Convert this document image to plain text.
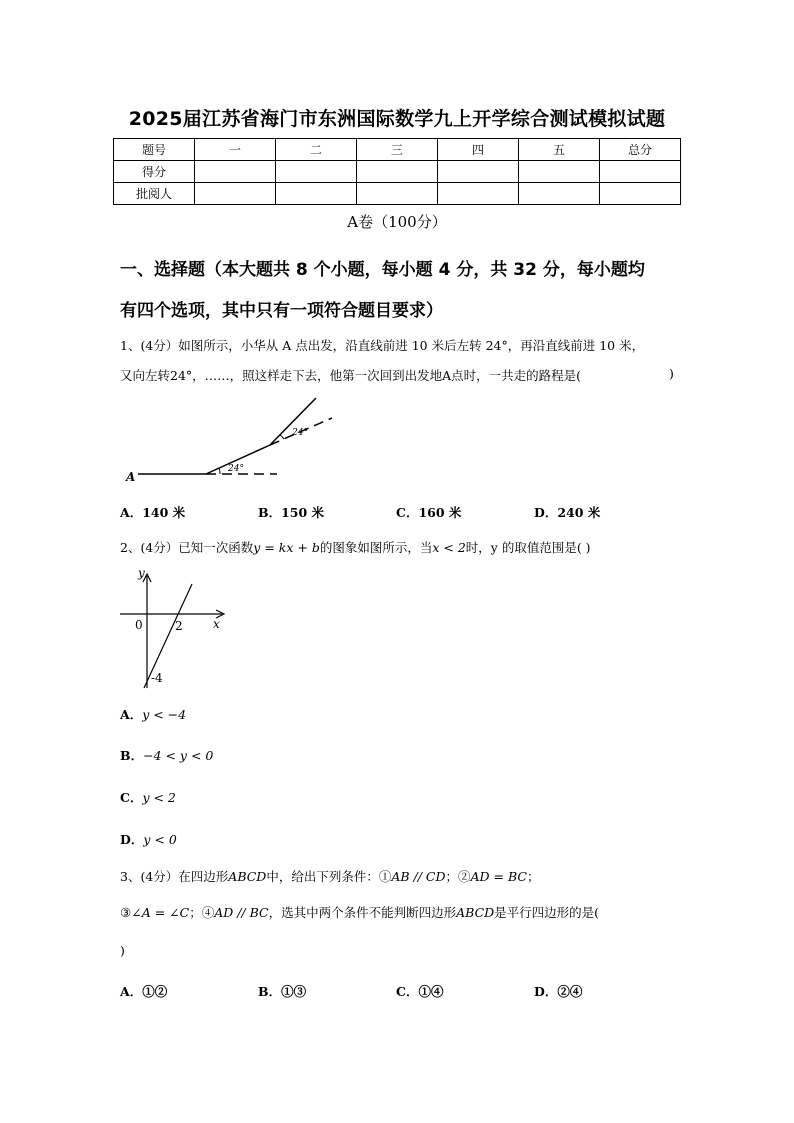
2025届江苏省海门市东洲国际数学九上开学综合测试模拟试题
题号	一	二	三	四	五	总分
得分						
批阅人						
A卷（100分）
一、选择题（本大题共 8 个小题，每小题 4 分，共 32 分，每小题均
有四个选项，其中只有一项符合题目要求）
1、(4分）如图所示，小华从 A 点出发，沿直线前进 10 米后左转 24°，再沿直线前进 10 米，
又向左转24°，……，照这样走下去，他第一次回到出发地A点时，一共走的路程是(	)
A
24°
24°
A．140 米	B．150 米	C．160 米	D．240 米
2、(4分）已知一次函数y = kx + b的图象如图所示，当x < 2时，y 的取值范围是( )
y
x
0	2
-4
A．y < −4
B．−4 < y < 0
C．y < 2
D．y < 0
3、(4分）在四边形ABCD中，给出下列条件：①AB // CD；②AD = BC；
③∠A = ∠C；④AD // BC，选其中两个条件不能判断四边形ABCD是平行四边形的是(
)
A．①②	B．①③	C．①④	D．②④
